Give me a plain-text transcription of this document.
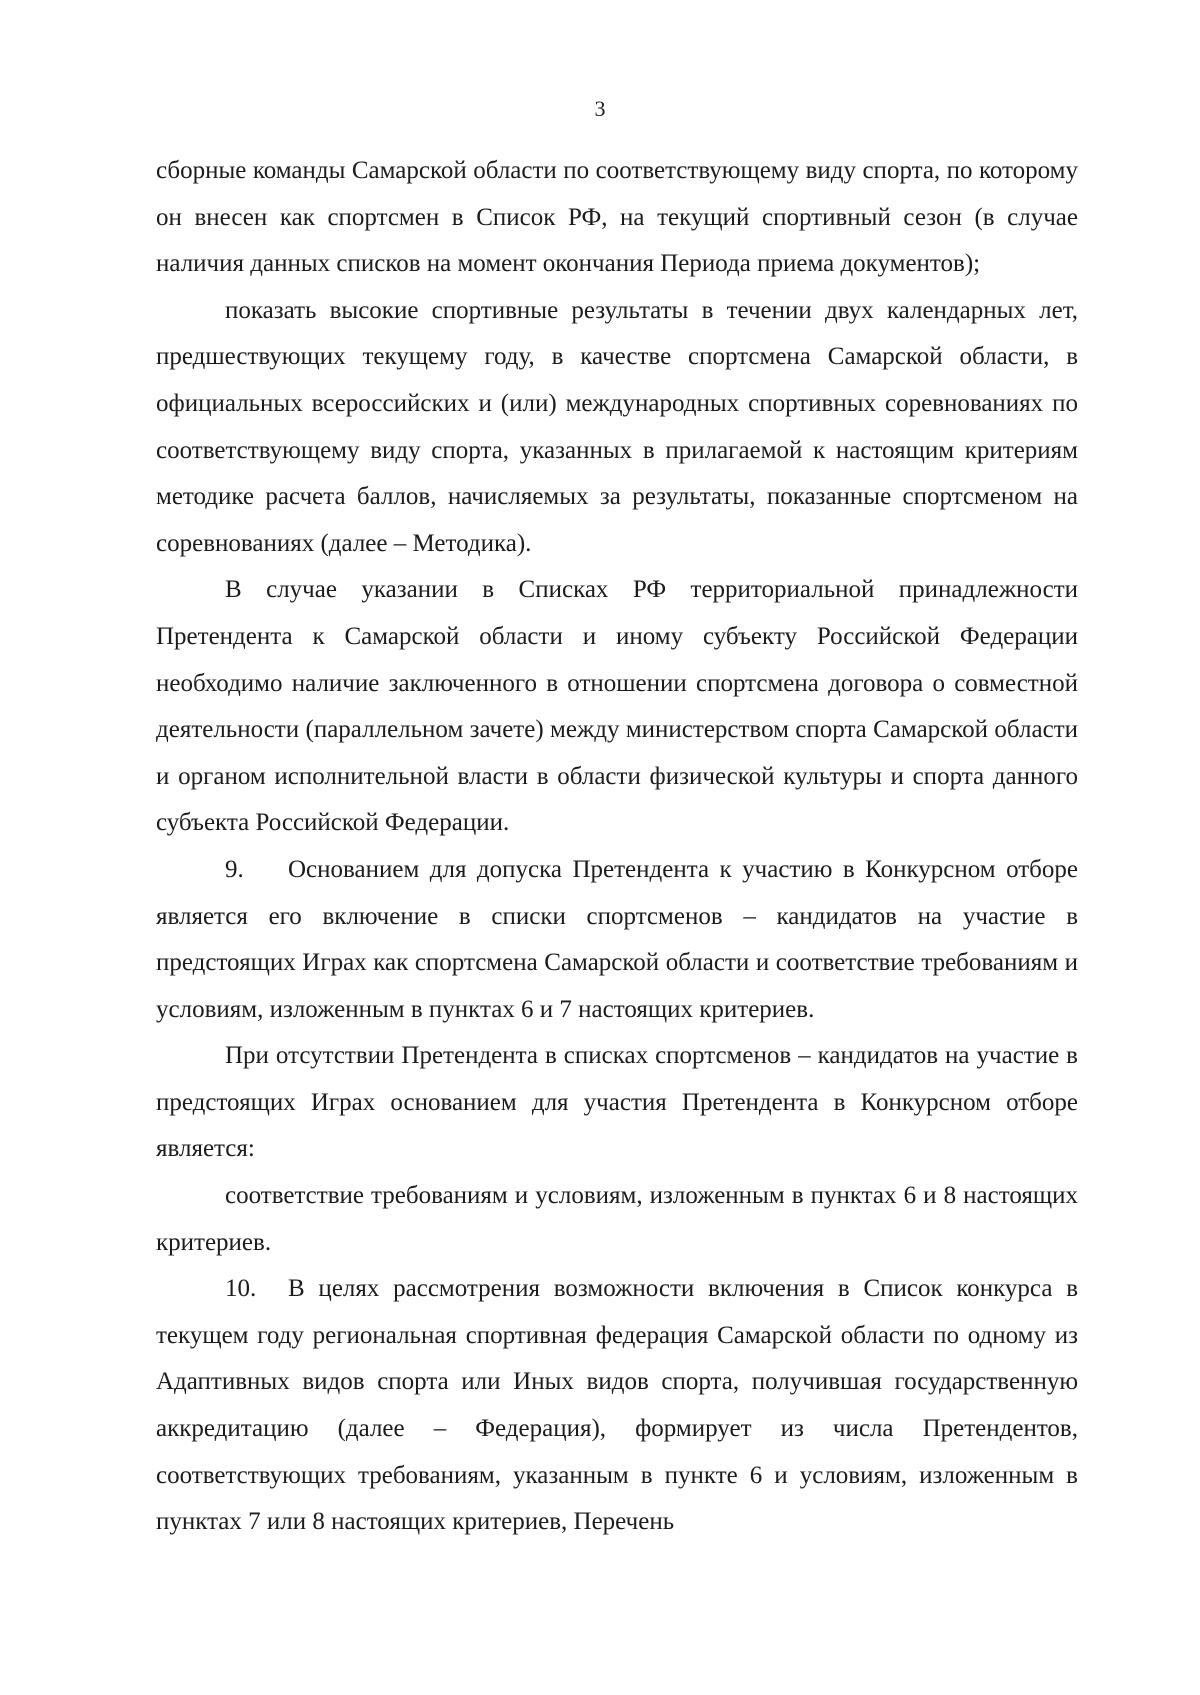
3

сборные команды Самарской области по соответствующему виду спорта, по которому он внесен как спортсмен в Список РФ, на текущий спортивный сезон (в случае наличия данных списков на момент окончания Периода приема документов);

показать высокие спортивные результаты в течении двух календарных лет, предшествующих текущему году, в качестве спортсмена Самарской области, в официальных всероссийских и (или) международных спортивных соревнованиях по соответствующему виду спорта, указанных в прилагаемой к настоящим критериям методике расчета баллов, начисляемых за результаты, показанные спортсменом на соревнованиях (далее – Методика).

В случае указании в Списках РФ территориальной принадлежности Претендента к Самарской области и иному субъекту Российской Федерации необходимо наличие заключенного в отношении спортсмена договора о совместной деятельности (параллельном зачете) между министерством спорта Самарской области и органом исполнительной власти в области физической культуры и спорта данного субъекта Российской Федерации.

9. Основанием для допуска Претендента к участию в Конкурсном отборе является его включение в списки спортсменов – кандидатов на участие в предстоящих Играх как спортсмена Самарской области и соответствие требованиям и условиям, изложенным в пунктах 6 и 7 настоящих критериев.

При отсутствии Претендента в списках спортсменов – кандидатов на участие в предстоящих Играх основанием для участия Претендента в Конкурсном отборе является:

соответствие требованиям и условиям, изложенным в пунктах 6 и 8 настоящих критериев.

10. В целях рассмотрения возможности включения в Список конкурса в текущем году региональная спортивная федерация Самарской области по одному из Адаптивных видов спорта или Иных видов спорта, получившая государственную аккредитацию (далее – Федерация), формирует из числа Претендентов, соответствующих требованиям, указанным в пункте 6 и условиям, изложенным в пунктах 7 или 8 настоящих критериев, Перечень
